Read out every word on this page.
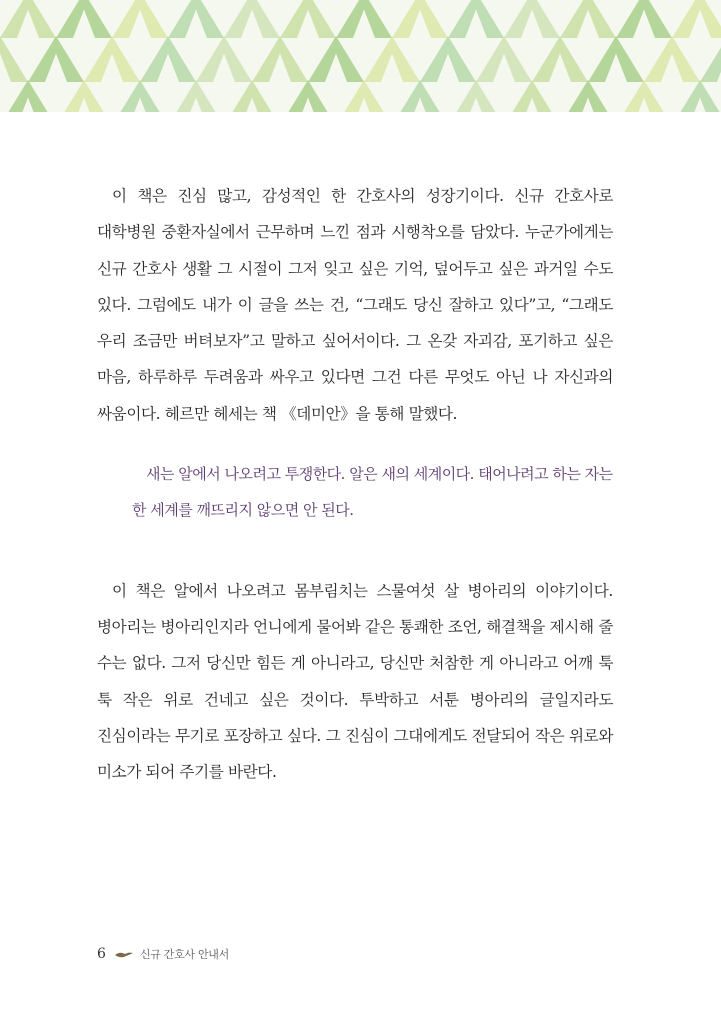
이 책은 진심 많고, 감성적인 한 간호사의 성장기이다. 신규 간호사로 대학병원 중환자실에서 근무하며 느낀 점과 시행착오를 담았다. 누군가에게는 신규 간호사 생활 그 시절이 그저 잊고 싶은 기억, 덮어두고 싶은 과거일 수도 있다. 그럼에도 내가 이 글을 쓰는 건, “그래도 당신 잘하고 있다”고, “그래도 우리 조금만 버텨보자”고 말하고 싶어서이다. 그 온갖 자괴감, 포기하고 싶은 마음, 하루하루 두려움과 싸우고 있다면 그건 다른 무엇도 아닌 나 자신과의 싸움이다. 헤르만 헤세는 책 《데미안》을 통해 말했다.

새는 알에서 나오려고 투쟁한다. 알은 새의 세계이다. 태어나려고 하는 자는 한 세계를 깨뜨리지 않으면 안 된다.

이 책은 알에서 나오려고 몸부림치는 스물여섯 살 병아리의 이야기이다. 병아리는 병아리인지라 언니에게 물어봐 같은 통쾌한 조언, 해결책을 제시해 줄 수는 없다. 그저 당신만 힘든 게 아니라고, 당신만 처참한 게 아니라고 어깨 툭 툭 작은 위로 건네고 싶은 것이다. 투박하고 서툰 병아리의 글일지라도 진심이라는 무기로 포장하고 싶다. 그 진심이 그대에게도 전달되어 작은 위로와 미소가 되어 주기를 바란다.

6	신규 간호사 안내서
